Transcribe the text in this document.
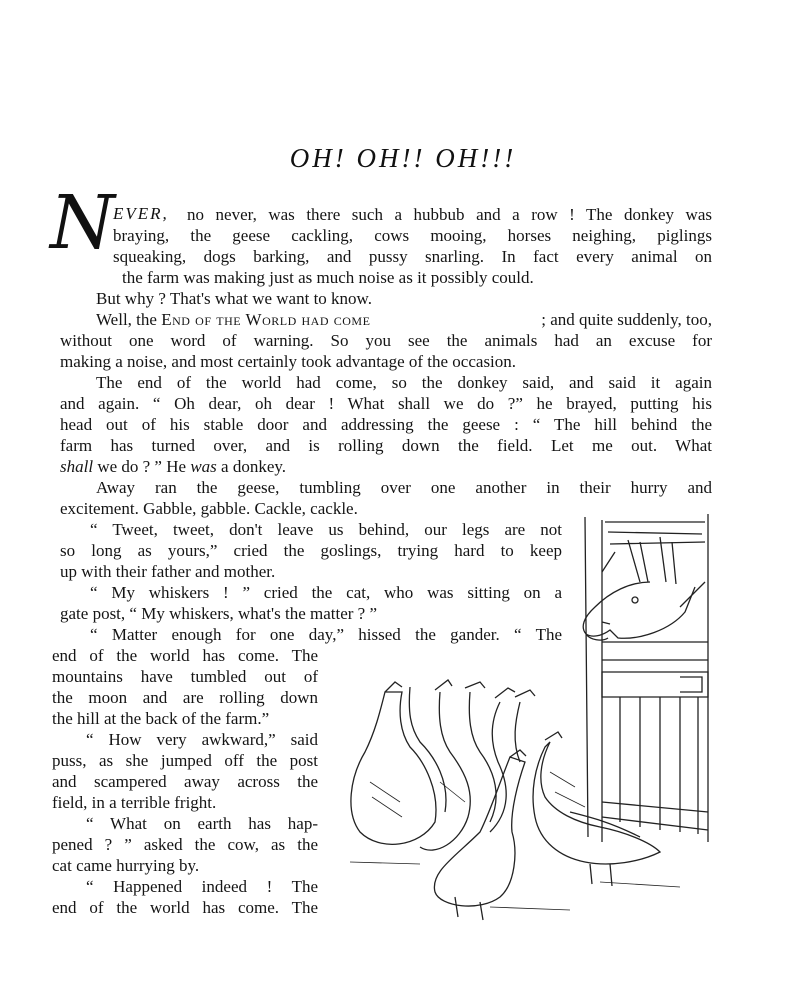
OH! OH!! OH!!!
N
EVER, no never, was there such a hubbub and a row ! The donkey was
braying, the geese cackling, cows mooing, horses neighing, piglings
squeaking, dogs barking, and pussy snarling. In fact every animal on
the farm was making just as much noise as it possibly could.
But why ? That's what we want to know.
Well, the End of the World had come	; and quite suddenly, too,
without one word of warning. So you see the animals had an excuse for
making a noise, and most certainly took advantage of the occasion.
The end of the world had come, so the donkey said, and said it again
and again. “ Oh dear, oh dear ! What shall we do ?” he brayed, putting his
head out of his stable door and addressing the geese : “ The hill behind the
farm has turned over, and is rolling down the field. Let me out. What
shall we do ? ” He was a donkey.
Away ran the geese, tumbling over one another in their hurry and
excitement. Gabble, gabble. Cackle, cackle.
“ Tweet, tweet, don't leave us behind, our legs are not
so long as yours,” cried the goslings, trying hard to keep
up with their father and mother.
“ My whiskers ! ” cried the cat, who was sitting on a
gate post, “ My whiskers, what's the matter ? ”
“ Matter enough for one day,” hissed the gander. “ The
end of the world has come. The
mountains have tumbled out of
the moon and are rolling down
the hill at the back of the farm.”
“ How very awkward,” said
puss, as she jumped off the post
and scampered away across the
field, in a terrible fright.
“ What on earth has hap-
pened ? ” asked the cow, as the
cat came hurrying by.
“ Happened indeed ! The
end of the world has come. The
